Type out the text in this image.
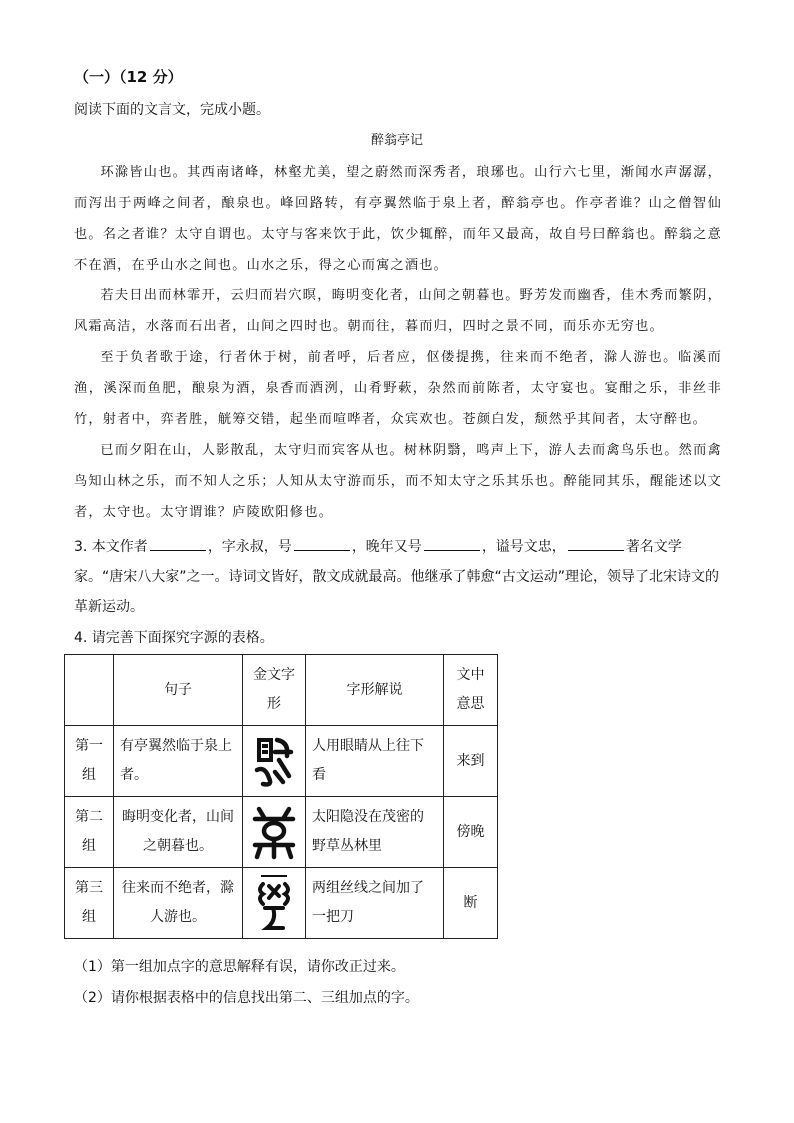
（一）（12 分）
阅读下面的文言文，完成小题。
醉翁亭记

环滁皆山也。其西南诸峰，林壑尤美，望之蔚然而深秀者，琅琊也。山行六七里，渐闻水声潺潺，而泻出于两峰之间者，酿泉也。峰回路转，有亭翼然临于泉上者，醉翁亭也。作亭者谁？山之僧智仙也。名之者谁？太守自谓也。太守与客来饮于此，饮少辄醉，而年又最高，故自号曰醉翁也。醉翁之意不在酒，在乎山水之间也。山水之乐，得之心而寓之酒也。

若夫日出而林霏开，云归而岩穴暝，晦明变化者，山间之朝暮也。野芳发而幽香，佳木秀而繁阴，风霜高洁，水落而石出者，山间之四时也。朝而往，暮而归，四时之景不同，而乐亦无穷也。

至于负者歌于途，行者休于树，前者呼，后者应，伛偻提携，往来而不绝者，滁人游也。临溪而渔，溪深而鱼肥，酿泉为酒，泉香而酒洌，山肴野蔌，杂然而前陈者，太守宴也。宴酣之乐，非丝非竹，射者中，弈者胜，觥筹交错，起坐而喧哗者，众宾欢也。苍颜白发，颓然乎其间者，太守醉也。

已而夕阳在山，人影散乱，太守归而宾客从也。树林阴翳，鸣声上下，游人去而禽鸟乐也。然而禽鸟知山林之乐，而不知人之乐；人知从太守游而乐，而不知太守之乐其乐也。醉能同其乐，醒能述以文者，太守也。太守谓谁？庐陵欧阳修也。

3. 本文作者	，字永叔，号	，晚年又号	，谥号文忠，	著名文学家。“唐宋八大家”之一。诗词文皆好，散文成就最高。他继承了韩愈“古文运动”理论，领导了北宋诗文的革新运动。

4. 请完善下面探究字源的表格。
	句子	金文字形	字形解说	文中意思
第一组	有亭翼然临于泉上者。		人用眼睛从上往下看	来到
第二组	晦明变化者，山间之朝暮也。		太阳隐没在茂密的野草丛林里	傍晚
第三组	往来而不绝者，滁人游也。		两组丝线之间加了一把刀	断
（1）第一组加点字的意思解释有误，请你改正过来。
（2）请你根据表格中的信息找出第二、三组加点的字。
